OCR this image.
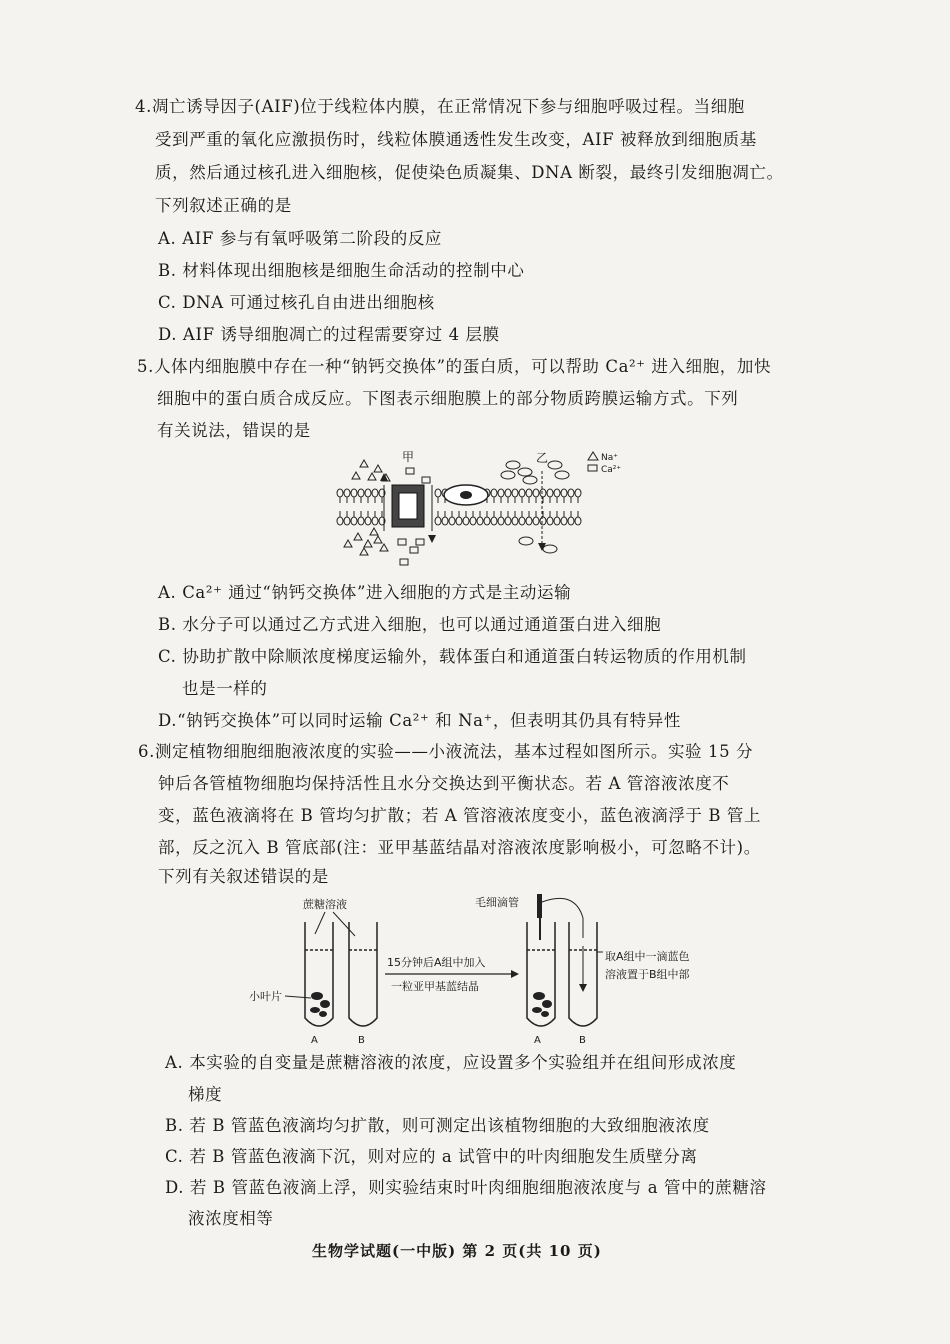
4.凋亡诱导因子(AIF)位于线粒体内膜，在正常情况下参与细胞呼吸过程。当细胞
受到严重的氧化应激损伤时，线粒体膜通透性发生改变，AIF 被释放到细胞质基
质，然后通过核孔进入细胞核，促使染色质凝集、DNA 断裂，最终引发细胞凋亡。
下列叙述正确的是
A. AIF 参与有氧呼吸第二阶段的反应
B. 材料体现出细胞核是细胞生命活动的控制中心
C. DNA 可通过核孔自由进出细胞核
D. AIF 诱导细胞凋亡的过程需要穿过 4 层膜
5.人体内细胞膜中存在一种“钠钙交换体”的蛋白质，可以帮助 Ca²⁺ 进入细胞，加快
细胞中的蛋白质合成反应。下图表示细胞膜上的部分物质跨膜运输方式。下列
有关说法，错误的是
甲	乙	Na⁺
Ca²⁺
A. Ca²⁺ 通过“钠钙交换体”进入细胞的方式是主动运输
B. 水分子可以通过乙方式进入细胞，也可以通过通道蛋白进入细胞
C. 协助扩散中除顺浓度梯度运输外，载体蛋白和通道蛋白转运物质的作用机制
也是一样的
D.“钠钙交换体”可以同时运输 Ca²⁺ 和 Na⁺，但表明其仍具有特异性
6.测定植物细胞细胞液浓度的实验——小液流法，基本过程如图所示。实验 15 分
钟后各管植物细胞均保持活性且水分交换达到平衡状态。若 A 管溶液浓度不
变，蓝色液滴将在 B 管均匀扩散；若 A 管溶液浓度变小，蓝色液滴浮于 B 管上
部，反之沉入 B 管底部(注：亚甲基蓝结晶对溶液浓度影响极小，可忽略不计)。
下列有关叙述错误的是
蔗糖溶液
A	B
小叶片
15分钟后A组中加入
一粒亚甲基蓝结晶
毛细滴管
A	B
取A组中一滴蓝色
溶液置于B组中部
A. 本实验的自变量是蔗糖溶液的浓度，应设置多个实验组并在组间形成浓度
梯度
B. 若 B 管蓝色液滴均匀扩散，则可测定出该植物细胞的大致细胞液浓度
C. 若 B 管蓝色液滴下沉，则对应的 a 试管中的叶肉细胞发生质壁分离
D. 若 B 管蓝色液滴上浮，则实验结束时叶肉细胞细胞液浓度与 a 管中的蔗糖溶
液浓度相等
生物学试题(一中版) 第 2 页(共 10 页)
